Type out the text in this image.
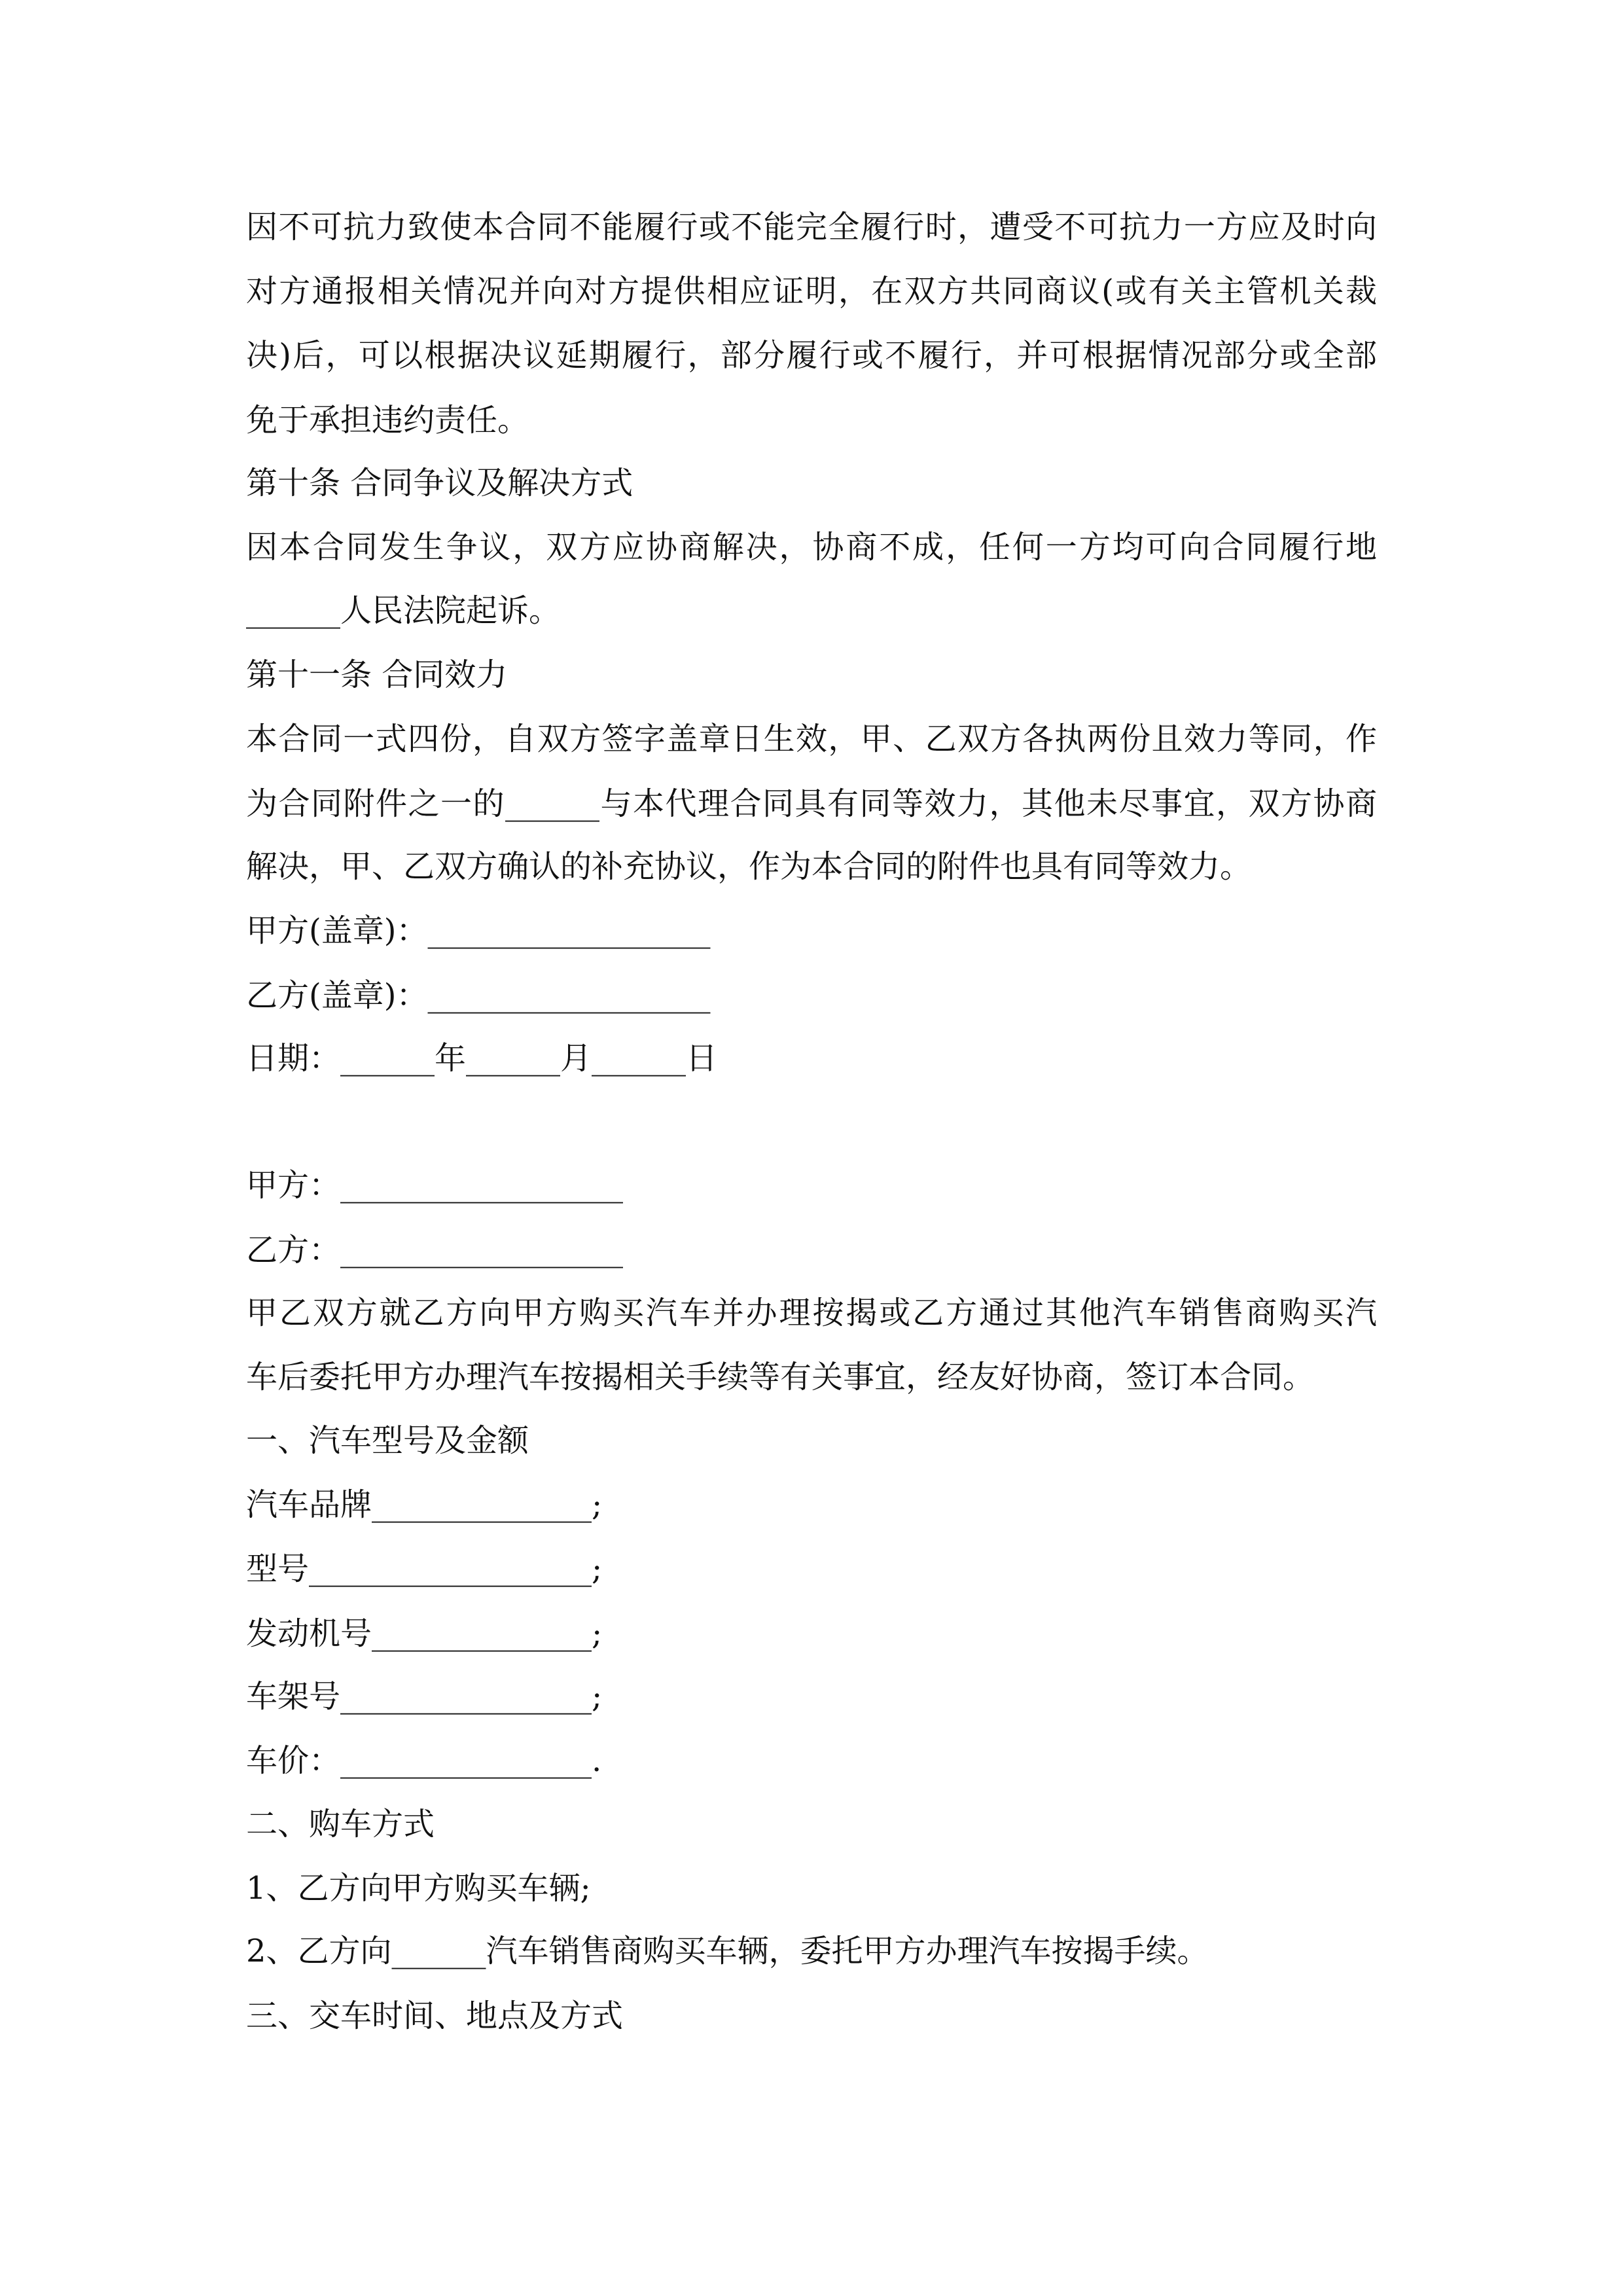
因不可抗力致使本合同不能履行或不能完全履行时，遭受不可抗力一方应及时向
对方通报相关情况并向对方提供相应证明，在双方共同商议(或有关主管机关裁
决)后，可以根据决议延期履行，部分履行或不履行，并可根据情况部分或全部
免于承担违约责任。
第十条 合同争议及解决方式
因本合同发生争议，双方应协商解决，协商不成，任何一方均可向合同履行地
______人民法院起诉。
第十一条 合同效力
本合同一式四份，自双方签字盖章日生效，甲、乙双方各执两份且效力等同，作
为合同附件之一的______与本代理合同具有同等效力，其他未尽事宜，双方协商
解决，甲、乙双方确认的补充协议，作为本合同的附件也具有同等效力。
甲方(盖章)：__________________
乙方(盖章)：__________________
日期：______年______月______日
甲方：__________________
乙方：__________________
甲乙双方就乙方向甲方购买汽车并办理按揭或乙方通过其他汽车销售商购买汽
车后委托甲方办理汽车按揭相关手续等有关事宜，经友好协商，签订本合同。
一、汽车型号及金额
汽车品牌______________;
型号__________________;
发动机号______________;
车架号________________;
车价：________________.
二、购车方式
1、乙方向甲方购买车辆;
2、乙方向______汽车销售商购买车辆，委托甲方办理汽车按揭手续。
三、交车时间、地点及方式
